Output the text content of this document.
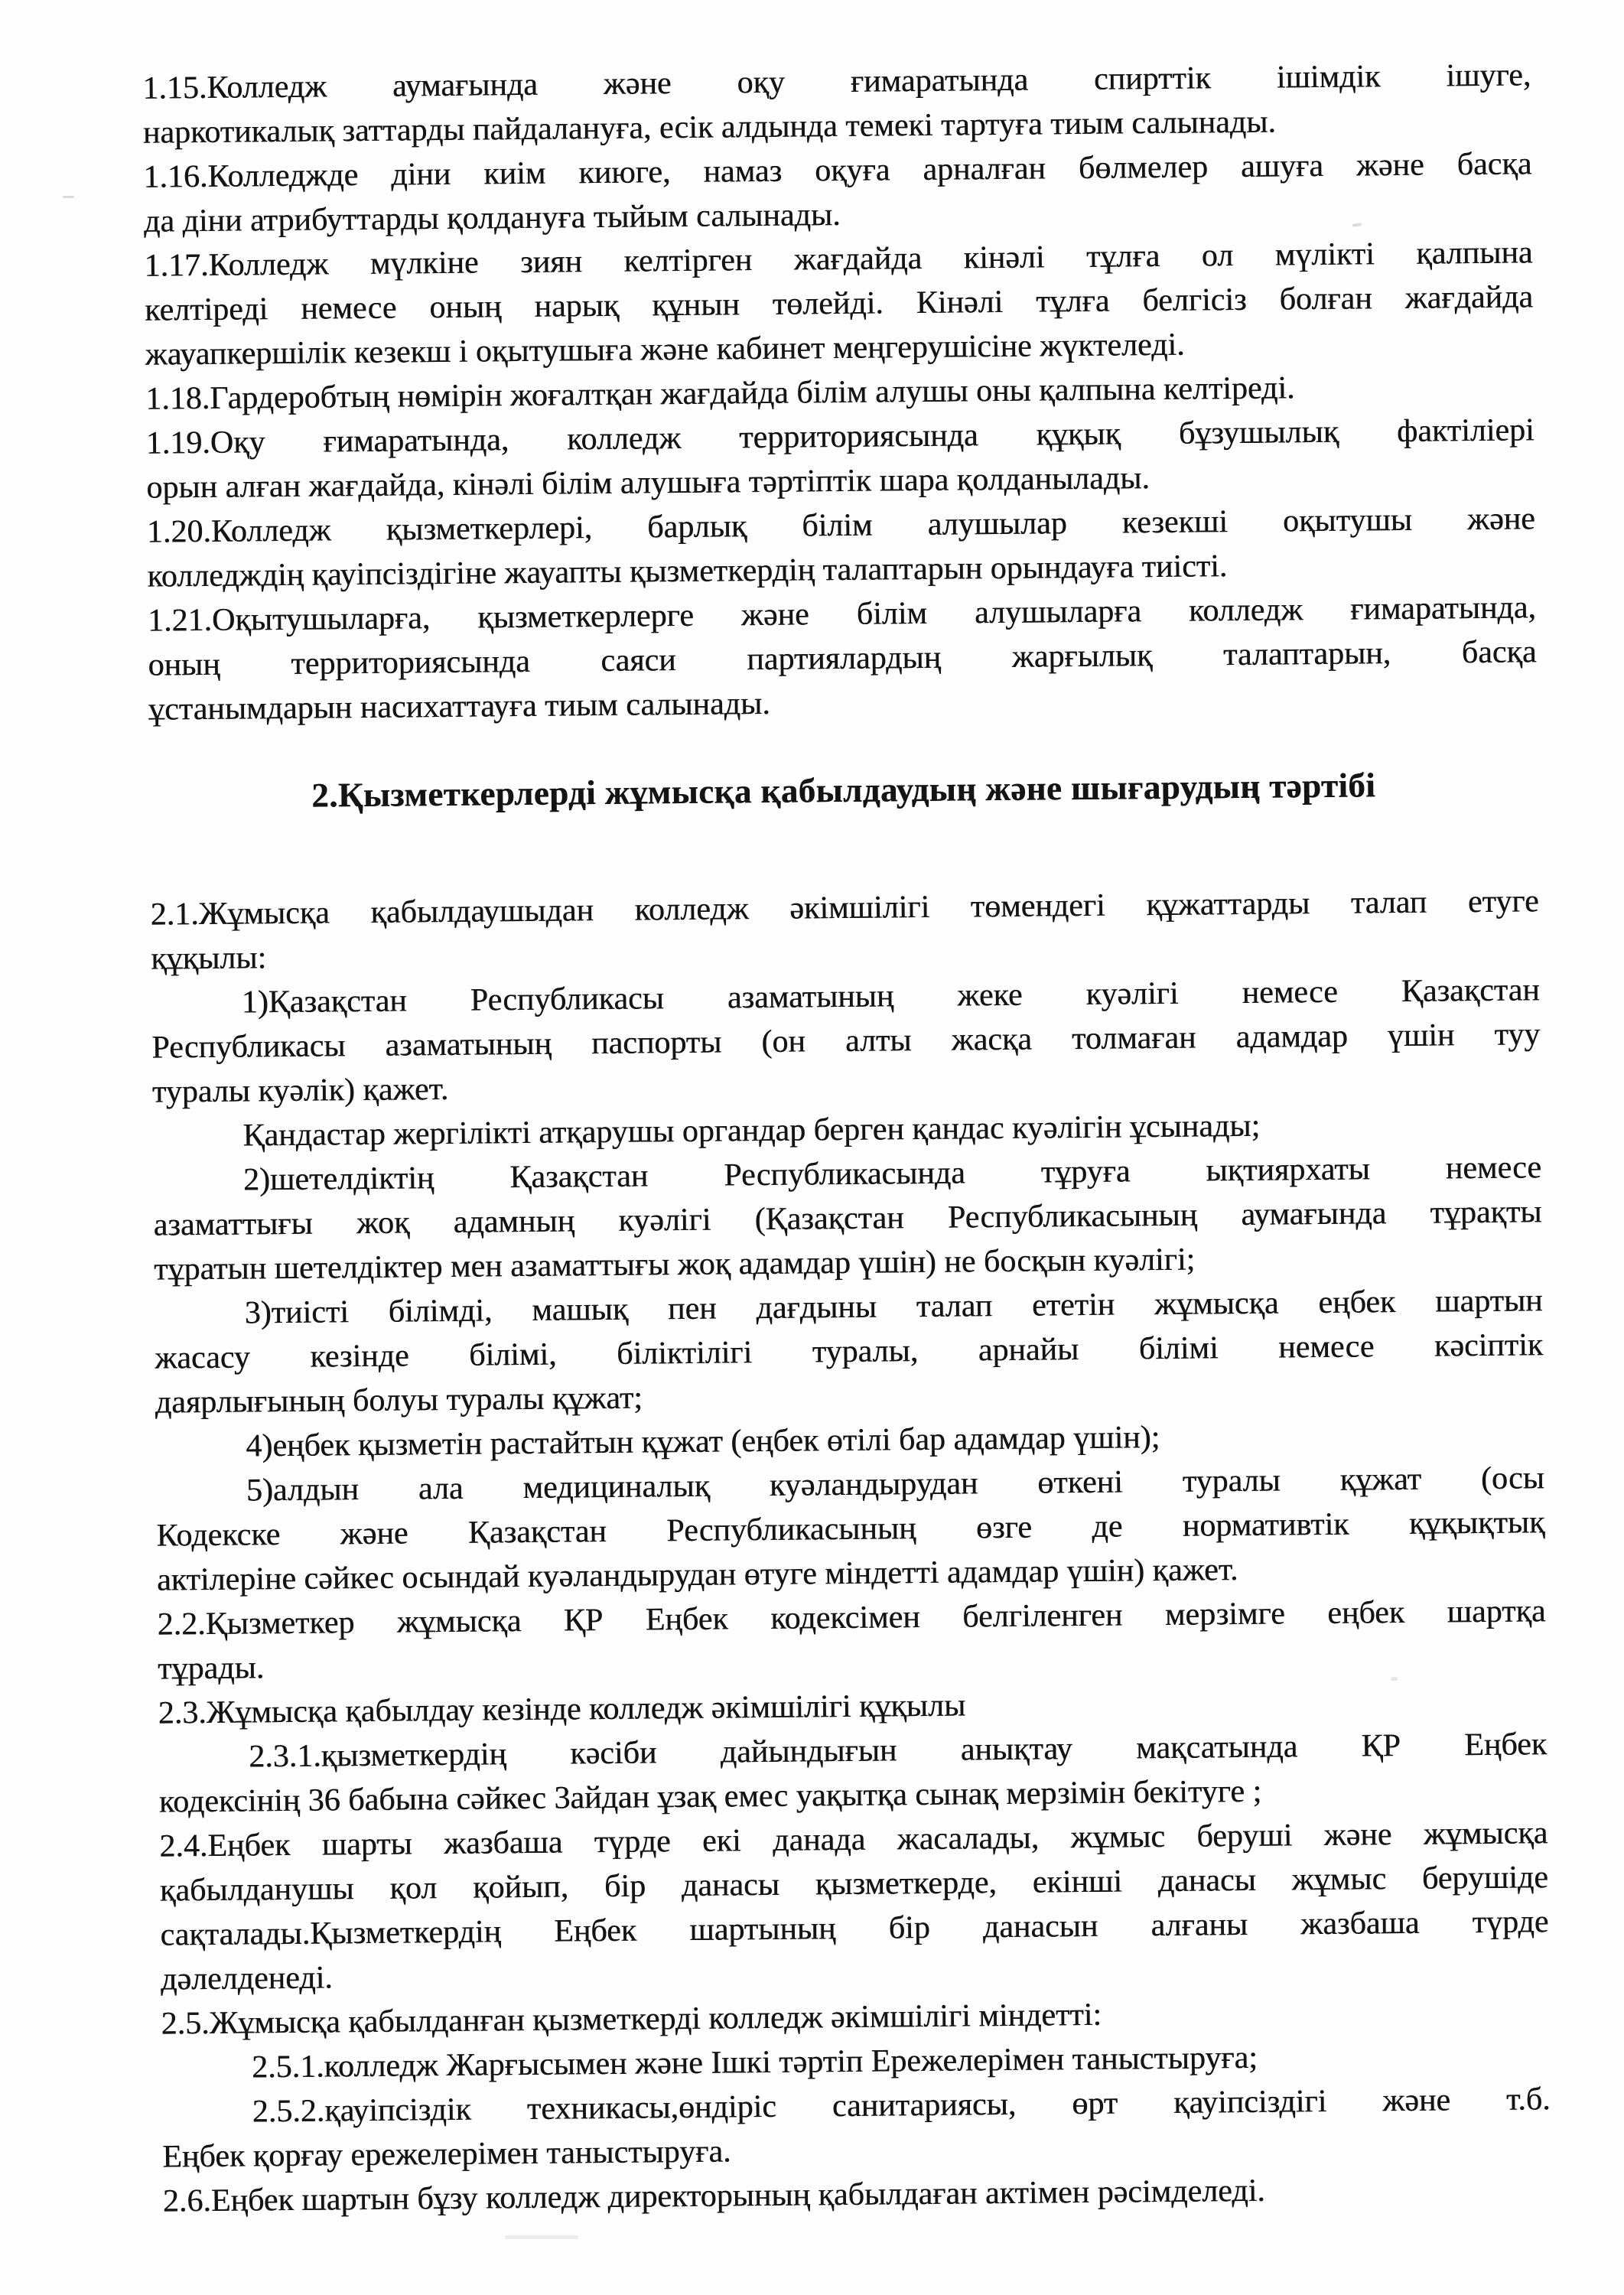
1.15.Колледж аумағында және оқу ғимаратында спирттік ішімдік ішуге,
наркотикалық заттарды пайдалануға, есік алдында темекі тартуға тиым салынады.

1.16.Колледжде діни киім киюге, намаз оқуға арналған бөлмелер ашуға және басқа
да діни атрибуттарды қолдануға тыйым салынады.

1.17.Колледж мүлкіне зиян келтірген жағдайда кінәлі тұлға ол мүлікті қалпына
келтіреді немесе оның нарық құнын төлейді. Кінәлі тұлға белгісіз болған жағдайда
жауапкершілік кезекш і оқытушыға және кабинет меңгерушісіне жүктеледі.

1.18.Гардеробтың нөмірін жоғалтқан жағдайда білім алушы оны қалпына келтіреді.

1.19.Оқу ғимаратында, колледж территориясында құқық бұзушылық фактіліері
орын алған жағдайда, кінәлі білім алушыға тәртіптік шара қолданылады.

1.20.Колледж қызметкерлері, барлық білім алушылар кезекші оқытушы және
колледждің қауіпсіздігіне жауапты қызметкердің талаптарын орындауға тиісті.

1.21.Оқытушыларға, қызметкерлерге және білім алушыларға колледж ғимаратында,
оның территориясында саяси партиялардың жарғылық талаптарын, басқа
ұстанымдарын насихаттауға тиым салынады.

2.Қызметкерлерді жұмысқа қабылдаудың және шығарудың тәртібі

2.1.Жұмысқа қабылдаушыдан колледж әкімшілігі төмендегі құжаттарды талап етуге
құқылы:

1)Қазақстан Республикасы азаматының жеке куәлігі немесе Қазақстан
Республикасы азаматының паспорты (он алты жасқа толмаған адамдар үшін туу
туралы куәлік) қажет.

Қандастар жергілікті атқарушы органдар берген қандас куәлігін ұсынады;

2)шетелдіктің Қазақстан Республикасында тұруға ықтиярхаты немесе
азаматтығы жоқ адамның куәлігі (Қазақстан Республикасының аумағында тұрақты
тұратын шетелдіктер мен азаматтығы жоқ адамдар үшін) не босқын куәлігі;

3)тиісті білімді, машық пен дағдыны талап ететін жұмысқа еңбек шартын
жасасу кезінде білімі, біліктілігі туралы, арнайы білімі немесе кәсіптік
даярлығының болуы туралы құжат;

4)еңбек қызметін растайтын құжат (еңбек өтілі бар адамдар үшін);

5)алдын ала медициналық куәландырудан өткені туралы құжат (осы
Кодекске және Қазақстан Республикасының өзге де нормативтік құқықтық
актілеріне сәйкес осындай куәландырудан өтуге міндетті адамдар үшін) қажет.

2.2.Қызметкер жұмысқа ҚР Еңбек кодексімен белгіленген мерзімге еңбек шартқа
тұрады.

2.3.Жұмысқа қабылдау кезінде колледж әкімшілігі құқылы

2.3.1.қызметкердің кәсіби дайындығын анықтау мақсатында ҚР Еңбек
кодексінің 36 бабына сәйкес 3айдан ұзақ емес уақытқа сынақ мерзімін бекітуге ;

2.4.Еңбек шарты жазбаша түрде екі данада жасалады, жұмыс беруші және жұмысқа
қабылданушы қол қойып, бір данасы қызметкерде, екінші данасы жұмыс берушіде
сақталады.Қызметкердің Еңбек шартының бір данасын алғаны жазбаша түрде
дәлелденеді.

2.5.Жұмысқа қабылданған қызметкерді колледж әкімшілігі міндетті:

2.5.1.колледж Жарғысымен және Ішкі тәртіп Ережелерімен таныстыруға;

2.5.2.қауіпсіздік техникасы,өндіріс санитариясы, өрт қауіпсіздігі және т.б.
Еңбек қорғау ережелерімен таныстыруға.

2.6.Еңбек шартын бұзу колледж директорының қабылдаған актімен рәсімделеді.
